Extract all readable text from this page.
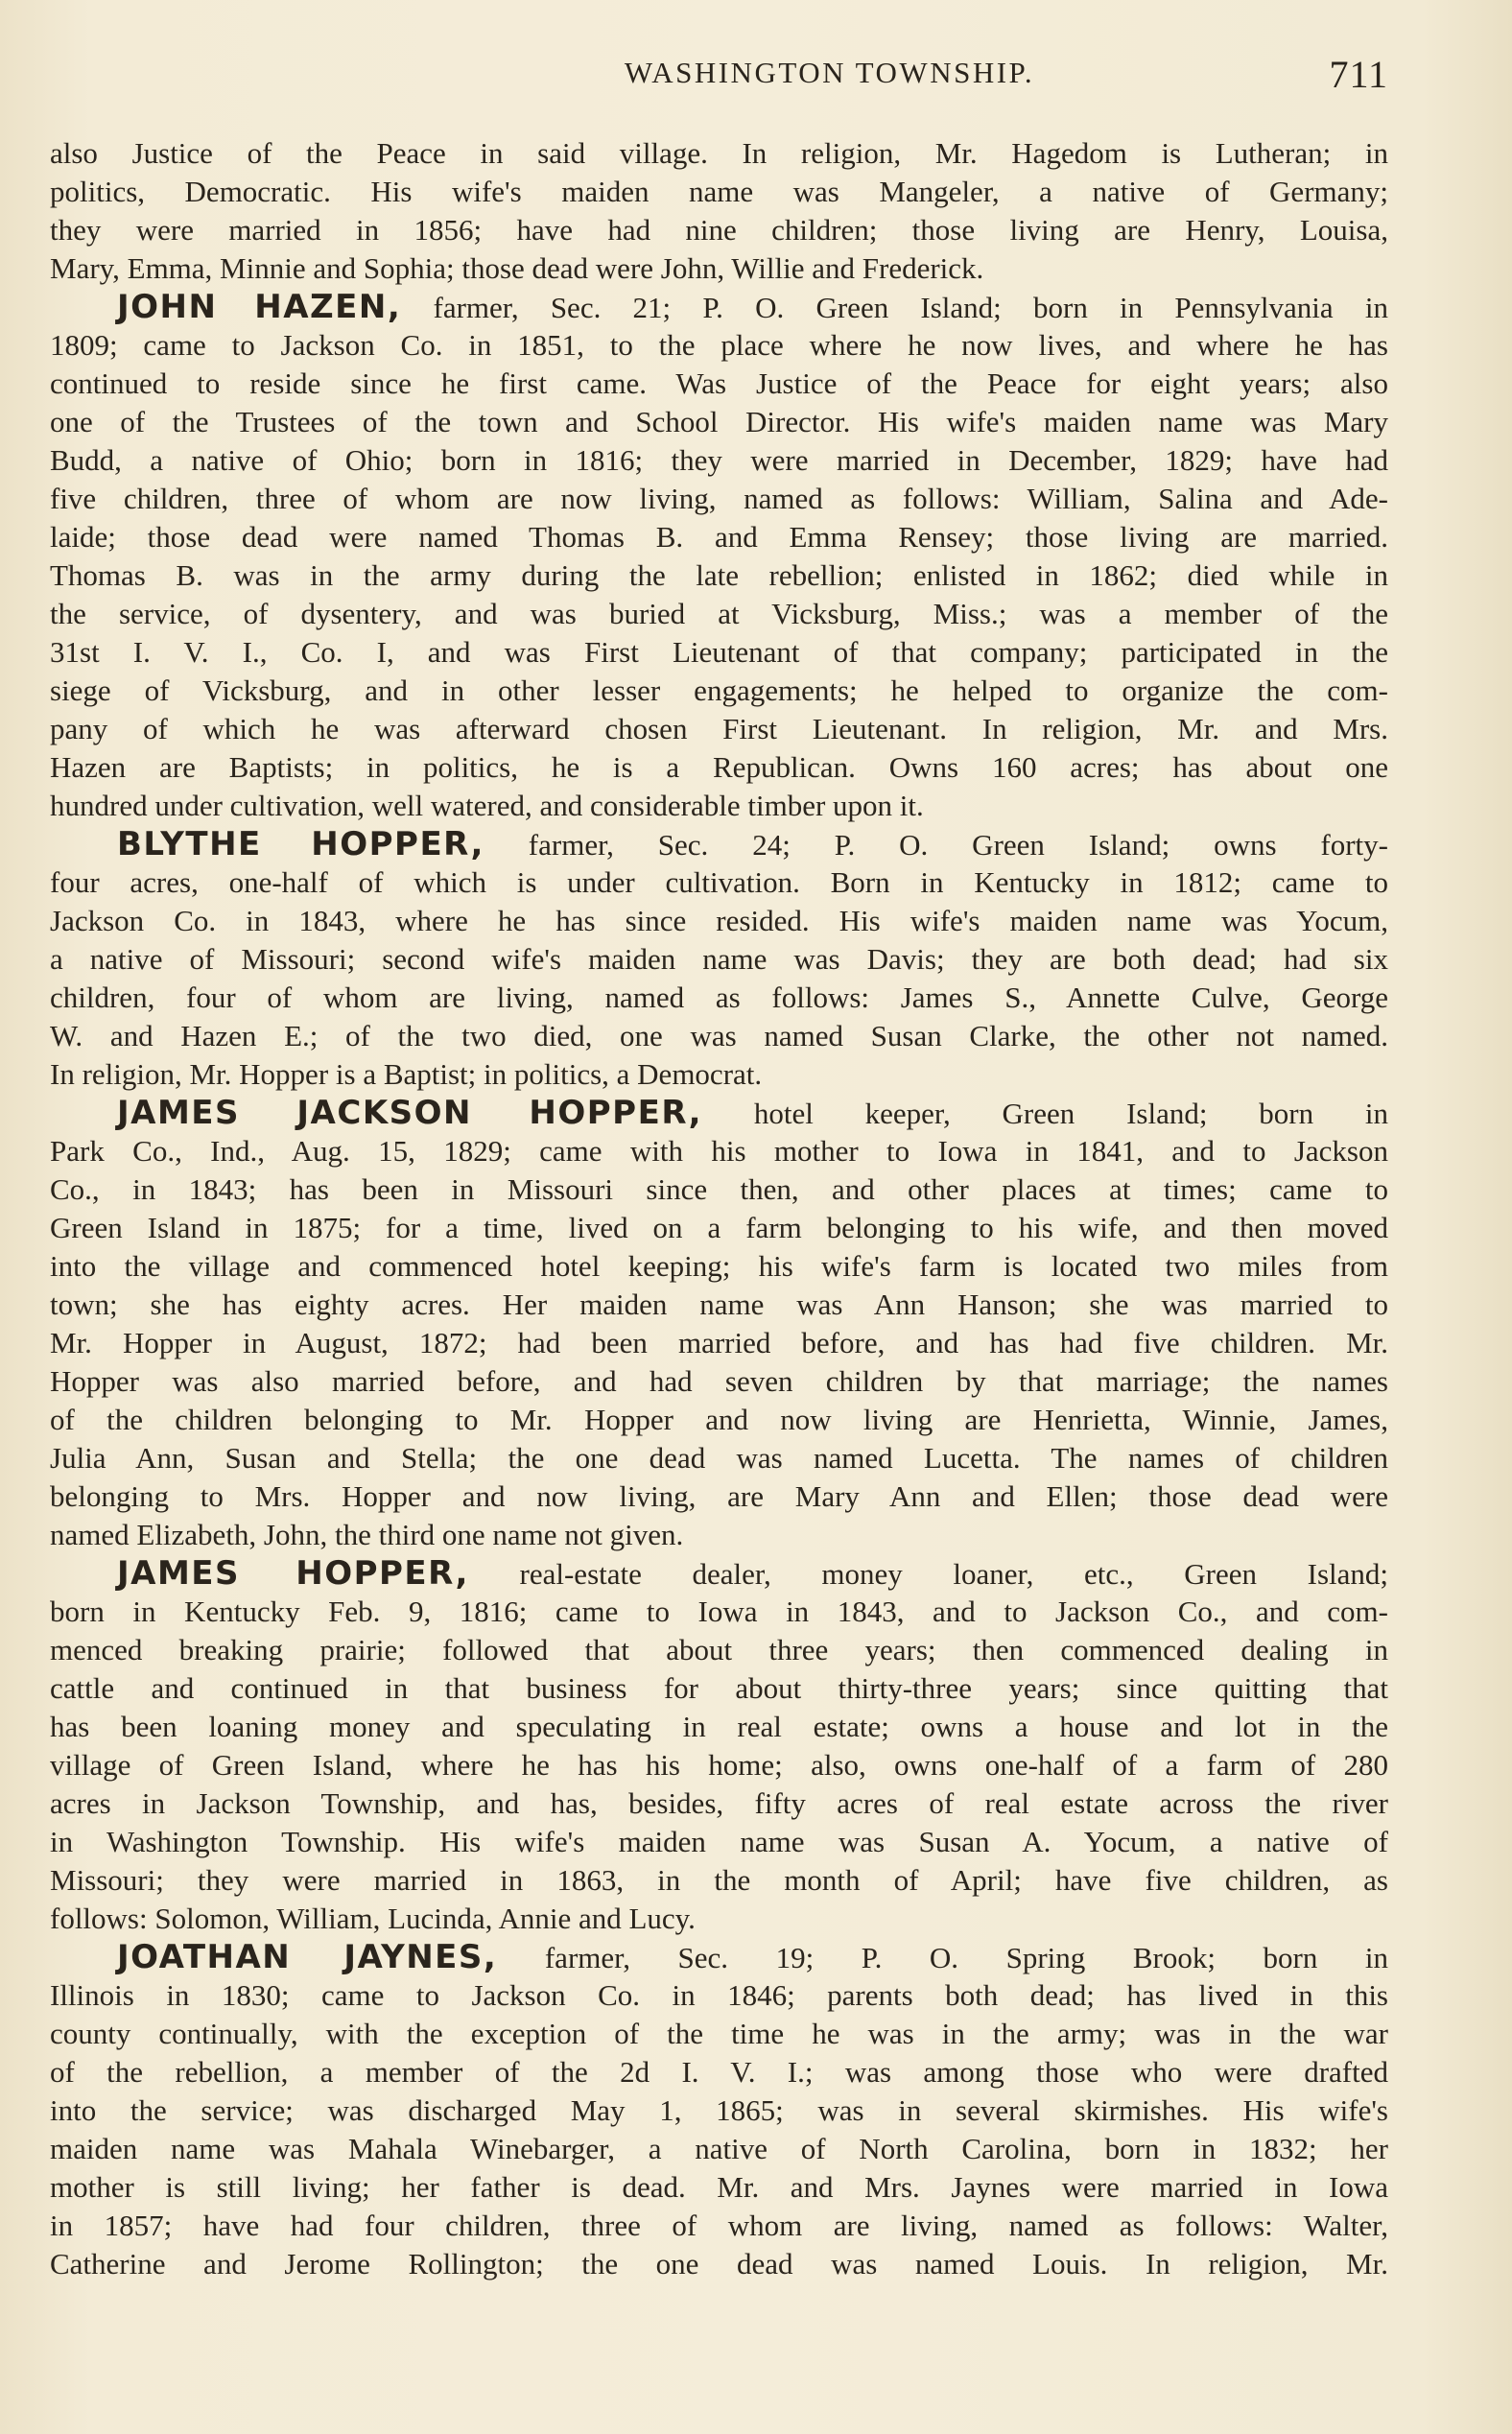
WASHINGTON TOWNSHIP.	711
also Justice of the Peace in said village. In religion, Mr. Hagedom is Lutheran; in
politics, Democratic. His wife's maiden name was Mangeler, a native of Germany;
they were married in 1856; have had nine children; those living are Henry, Louisa,
Mary, Emma, Minnie and Sophia; those dead were John, Willie and Frederick.
JOHN HAZEN, farmer, Sec. 21; P. O. Green Island; born in Pennsylvania in
1809; came to Jackson Co. in 1851, to the place where he now lives, and where he has
continued to reside since he first came. Was Justice of the Peace for eight years; also
one of the Trustees of the town and School Director. His wife's maiden name was Mary
Budd, a native of Ohio; born in 1816; they were married in December, 1829; have had
five children, three of whom are now living, named as follows: William, Salina and Ade-
laide; those dead were named Thomas B. and Emma Rensey; those living are married.
Thomas B. was in the army during the late rebellion; enlisted in 1862; died while in
the service, of dysentery, and was buried at Vicksburg, Miss.; was a member of the
31st I. V. I., Co. I, and was First Lieutenant of that company; participated in the
siege of Vicksburg, and in other lesser engagements; he helped to organize the com-
pany of which he was afterward chosen First Lieutenant. In religion, Mr. and Mrs.
Hazen are Baptists; in politics, he is a Republican. Owns 160 acres; has about one
hundred under cultivation, well watered, and considerable timber upon it.
BLYTHE HOPPER, farmer, Sec. 24; P. O. Green Island; owns forty-
four acres, one-half of which is under cultivation. Born in Kentucky in 1812; came to
Jackson Co. in 1843, where he has since resided. His wife's maiden name was Yocum,
a native of Missouri; second wife's maiden name was Davis; they are both dead; had six
children, four of whom are living, named as follows: James S., Annette Culve, George
W. and Hazen E.; of the two died, one was named Susan Clarke, the other not named.
In religion, Mr. Hopper is a Baptist; in politics, a Democrat.
JAMES JACKSON HOPPER, hotel keeper, Green Island; born in
Park Co., Ind., Aug. 15, 1829; came with his mother to Iowa in 1841, and to Jackson
Co., in 1843; has been in Missouri since then, and other places at times; came to
Green Island in 1875; for a time, lived on a farm belonging to his wife, and then moved
into the village and commenced hotel keeping; his wife's farm is located two miles from
town; she has eighty acres. Her maiden name was Ann Hanson; she was married to
Mr. Hopper in August, 1872; had been married before, and has had five children. Mr.
Hopper was also married before, and had seven children by that marriage; the names
of the children belonging to Mr. Hopper and now living are Henrietta, Winnie, James,
Julia Ann, Susan and Stella; the one dead was named Lucetta. The names of children
belonging to Mrs. Hopper and now living, are Mary Ann and Ellen; those dead were
named Elizabeth, John, the third one name not given.
JAMES HOPPER, real-estate dealer, money loaner, etc., Green Island;
born in Kentucky Feb. 9, 1816; came to Iowa in 1843, and to Jackson Co., and com-
menced breaking prairie; followed that about three years; then commenced dealing in
cattle and continued in that business for about thirty-three years; since quitting that
has been loaning money and speculating in real estate; owns a house and lot in the
village of Green Island, where he has his home; also, owns one-half of a farm of 280
acres in Jackson Township, and has, besides, fifty acres of real estate across the river
in Washington Township. His wife's maiden name was Susan A. Yocum, a native of
Missouri; they were married in 1863, in the month of April; have five children, as
follows: Solomon, William, Lucinda, Annie and Lucy.
JOATHAN JAYNES, farmer, Sec. 19; P. O. Spring Brook; born in
Illinois in 1830; came to Jackson Co. in 1846; parents both dead; has lived in this
county continually, with the exception of the time he was in the army; was in the war
of the rebellion, a member of the 2d I. V. I.; was among those who were drafted
into the service; was discharged May 1, 1865; was in several skirmishes. His wife's
maiden name was Mahala Winebarger, a native of North Carolina, born in 1832; her
mother is still living; her father is dead. Mr. and Mrs. Jaynes were married in Iowa
in 1857; have had four children, three of whom are living, named as follows: Walter,
Catherine and Jerome Rollington; the one dead was named Louis. In religion, Mr.
